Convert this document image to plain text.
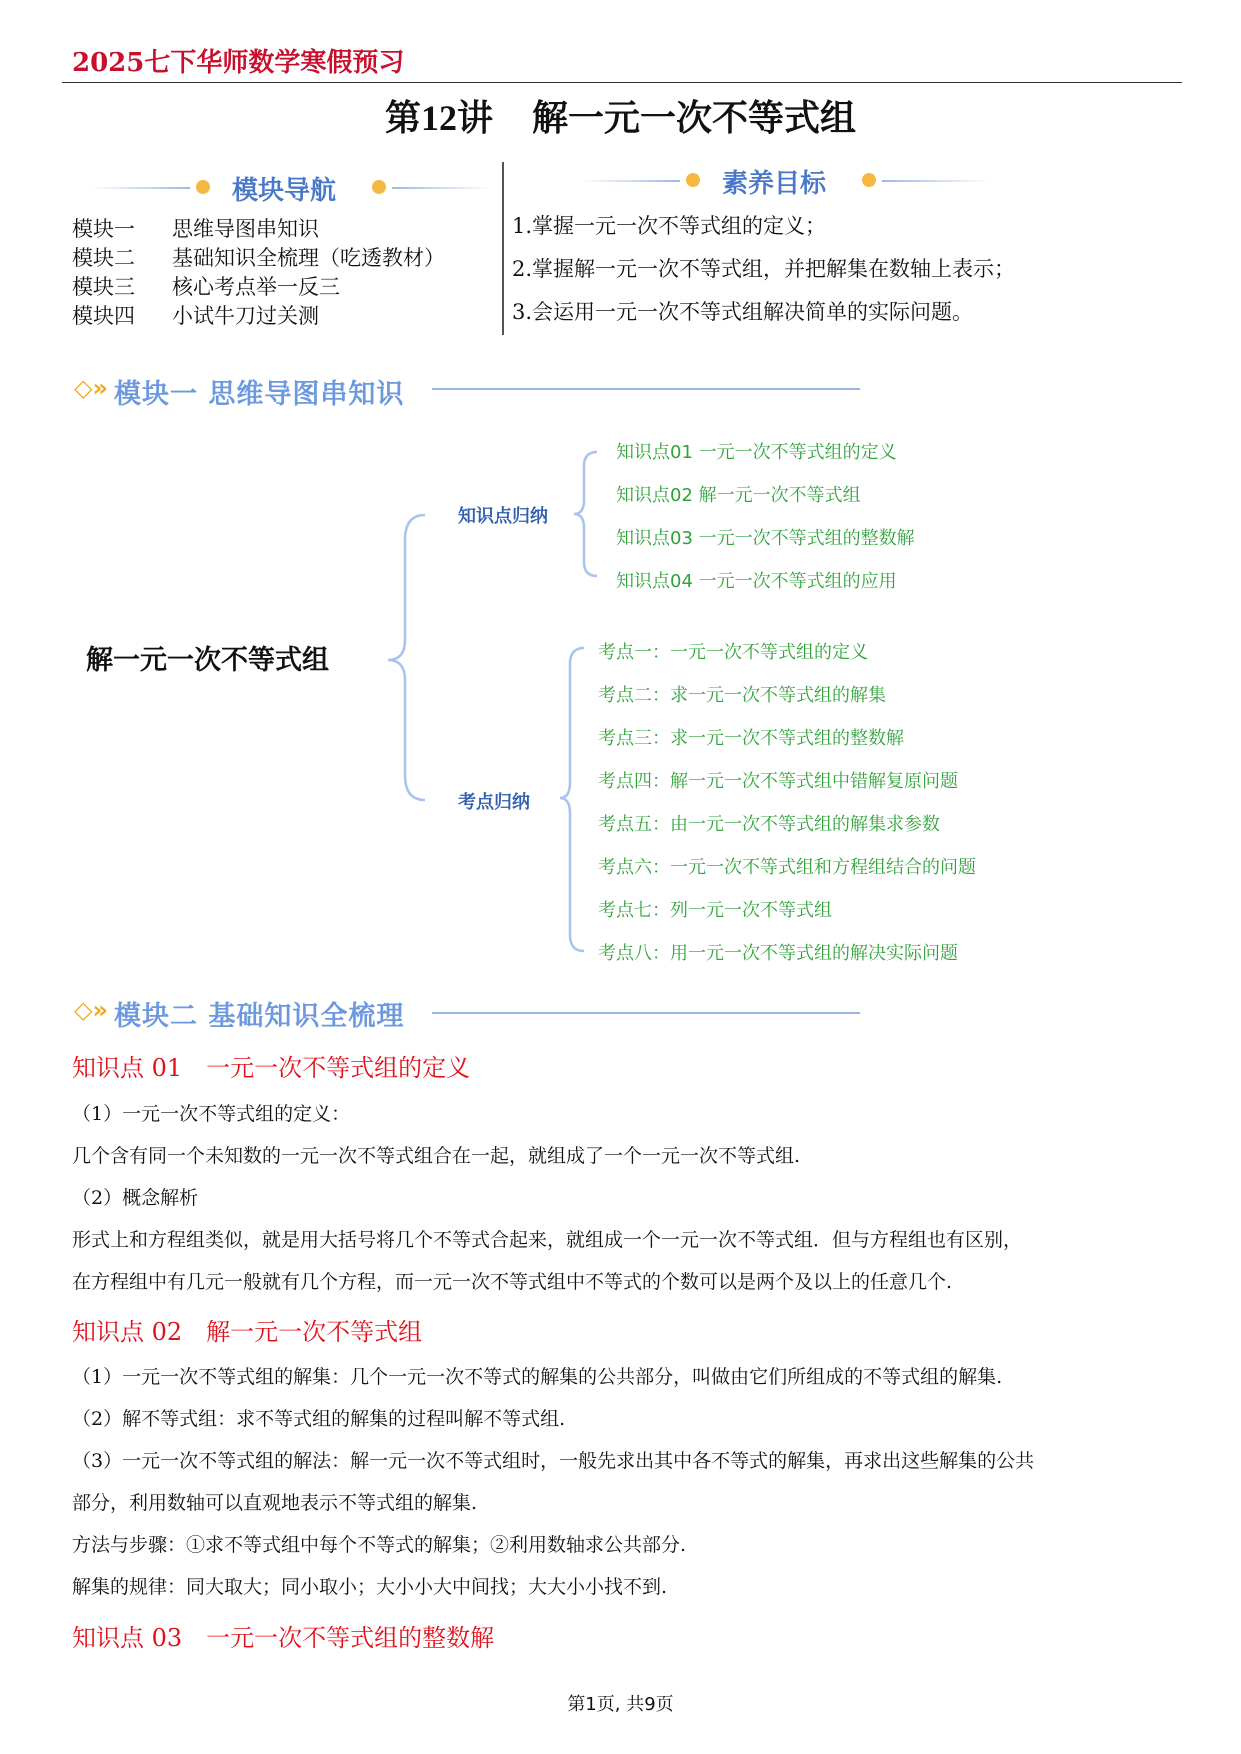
2025七下华师数学寒假预习
第12讲 解一元一次不等式组
模块导航
模块一 思维导图串知识
模块二 基础知识全梳理（吃透教材）
模块三 核心考点举一反三
模块四 小试牛刀过关测
素养目标
1.掌握一元一次不等式组的定义；
2.掌握解一元一次不等式组，并把解集在数轴上表示；
3.会运用一元一次不等式组解决简单的实际问题。
◇» 模块一 思维导图串知识
解一元一次不等式组
知识点归纳
考点归纳
知识点01 一元一次不等式组的定义
知识点02 解一元一次不等式组
知识点03 一元一次不等式组的整数解
知识点04 一元一次不等式组的应用
考点一：一元一次不等式组的定义
考点二：求一元一次不等式组的解集
考点三：求一元一次不等式组的整数解
考点四：解一元一次不等式组中错解复原问题
考点五：由一元一次不等式组的解集求参数
考点六：一元一次不等式组和方程组结合的问题
考点七：列一元一次不等式组
考点八：用一元一次不等式组的解决实际问题
◇» 模块二 基础知识全梳理
知识点 01　一元一次不等式组的定义
（1）一元一次不等式组的定义：
几个含有同一个未知数的一元一次不等式组合在一起，就组成了一个一元一次不等式组.
（2）概念解析
形式上和方程组类似，就是用大括号将几个不等式合起来，就组成一个一元一次不等式组．但与方程组也有区别，
在方程组中有几元一般就有几个方程，而一元一次不等式组中不等式的个数可以是两个及以上的任意几个.
知识点 02　解一元一次不等式组
（1）一元一次不等式组的解集：几个一元一次不等式的解集的公共部分，叫做由它们所组成的不等式组的解集.
（2）解不等式组：求不等式组的解集的过程叫解不等式组.
（3）一元一次不等式组的解法：解一元一次不等式组时，一般先求出其中各不等式的解集，再求出这些解集的公共
部分，利用数轴可以直观地表示不等式组的解集.
方法与步骤：①求不等式组中每个不等式的解集；②利用数轴求公共部分.
解集的规律：同大取大；同小取小；大小小大中间找；大大小小找不到.
知识点 03　一元一次不等式组的整数解
第1页, 共9页
